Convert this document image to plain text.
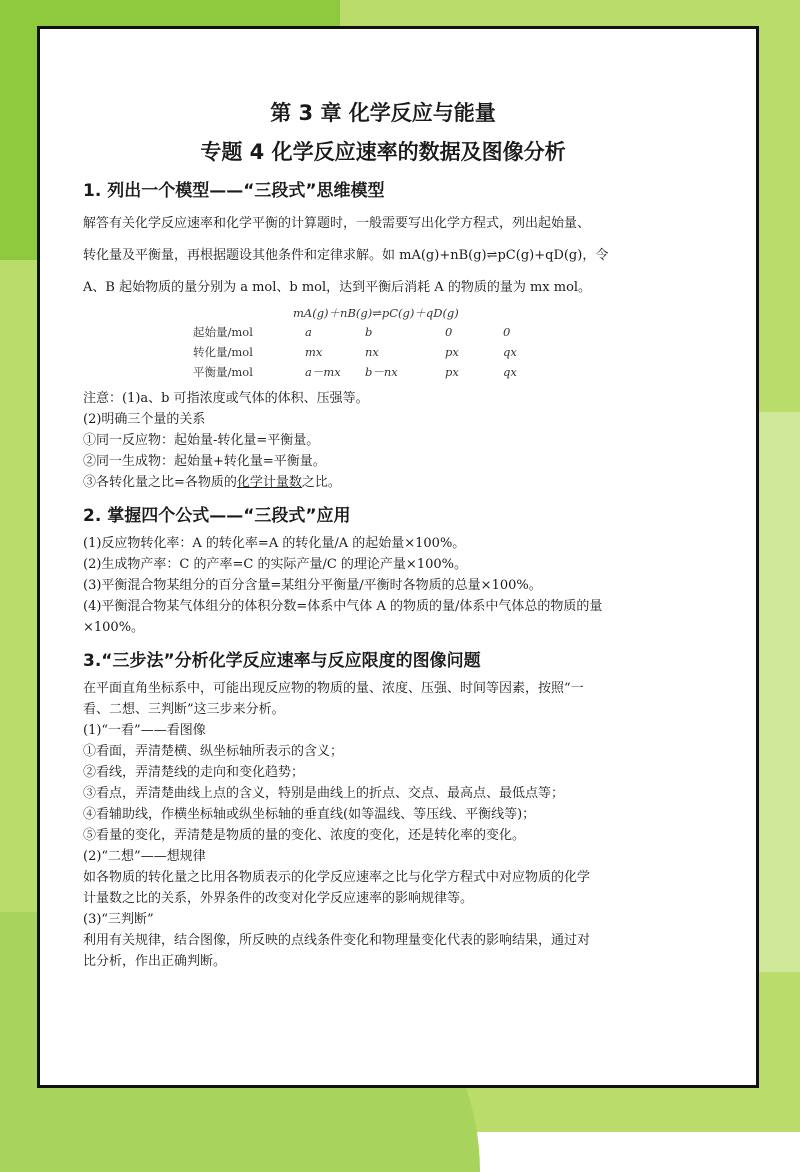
第 3 章 化学反应与能量
专题 4 化学反应速率的数据及图像分析
1. 列出一个模型——“三段式”思维模型

解答有关化学反应速率和化学平衡的计算题时，一般需要写出化学方程式，列出起始量、

转化量及平衡量，再根据题设其他条件和定律求解。如 mA(g)+nB(g)⇌pC(g)+qD(g)，令

A、B 起始物质的量分别为 a mol、b mol，达到平衡后消耗 A 的物质的量为 mx mol。

mA(g)＋nB(g)⇌pC(g)＋qD(g)
起始量/mol	a	b	0	0
转化量/mol	mx	nx	px	qx
平衡量/mol	a－mx	b－nx	px	qx

注意：(1)a、b 可指浓度或气体的体积、压强等。

(2)明确三个量的关系

①同一反应物：起始量-转化量=平衡量。

②同一生成物：起始量+转化量=平衡量。

③各转化量之比=各物质的化学计量数之比。

2. 掌握四个公式——“三段式”应用

(1)反应物转化率：A 的转化率=A 的转化量/A 的起始量×100%。

(2)生成物产率：C 的产率=C 的实际产量/C 的理论产量×100%。

(3)平衡混合物某组分的百分含量=某组分平衡量/平衡时各物质的总量×100%。

(4)平衡混合物某气体组分的体积分数=体系中气体 A 的物质的量/体系中气体总的物质的量

×100%。

3.“三步法”分析化学反应速率与反应限度的图像问题

在平面直角坐标系中，可能出现反应物的物质的量、浓度、压强、时间等因素，按照“一

看、二想、三判断”这三步来分析。

(1)“一看”——看图像

①看面，弄清楚横、纵坐标轴所表示的含义；

②看线，弄清楚线的走向和变化趋势；

③看点，弄清楚曲线上点的含义，特别是曲线上的折点、交点、最高点、最低点等；

④看辅助线，作横坐标轴或纵坐标轴的垂直线(如等温线、等压线、平衡线等)；

⑤看量的变化，弄清楚是物质的量的变化、浓度的变化，还是转化率的变化。

(2)“二想”——想规律

如各物质的转化量之比用各物质表示的化学反应速率之比与化学方程式中对应物质的化学

计量数之比的关系，外界条件的改变对化学反应速率的影响规律等。

(3)“三判断”

利用有关规律，结合图像，所反映的点线条件变化和物理量变化代表的影响结果，通过对

比分析，作出正确判断。
